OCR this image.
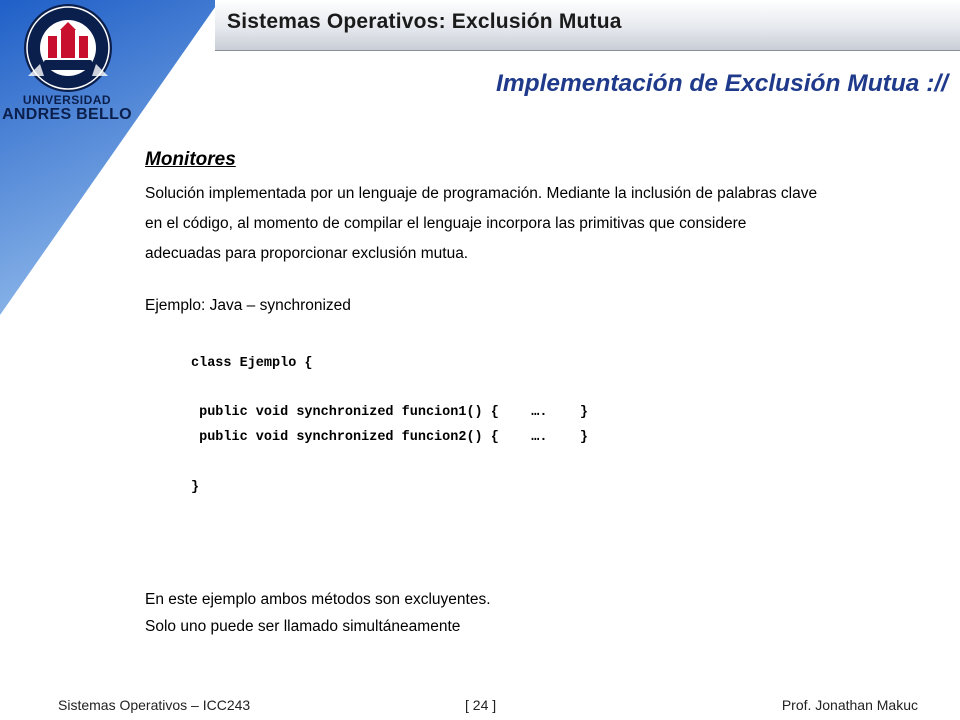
Sistemas Operativos: Exclusión Mutua
UNIVERSIDAD
ANDRES BELLO
Implementación de Exclusión Mutua ://
Monitores
Solución implementada por un lenguaje de programación. Mediante la inclusión de palabras clave
en el código, al momento de compilar el lenguaje incorpora las primitivas que considere
adecuadas para proporcionar exclusión mutua.
Ejemplo: Java – synchronized
class Ejemplo {
public void synchronized funcion1() {    ….    }
public void synchronized funcion2() {    ….    }
}
En este ejemplo ambos métodos son excluyentes.
Solo uno puede ser llamado simultáneamente
Sistemas Operativos – ICC243	[ 24 ]	Prof. Jonathan Makuc
